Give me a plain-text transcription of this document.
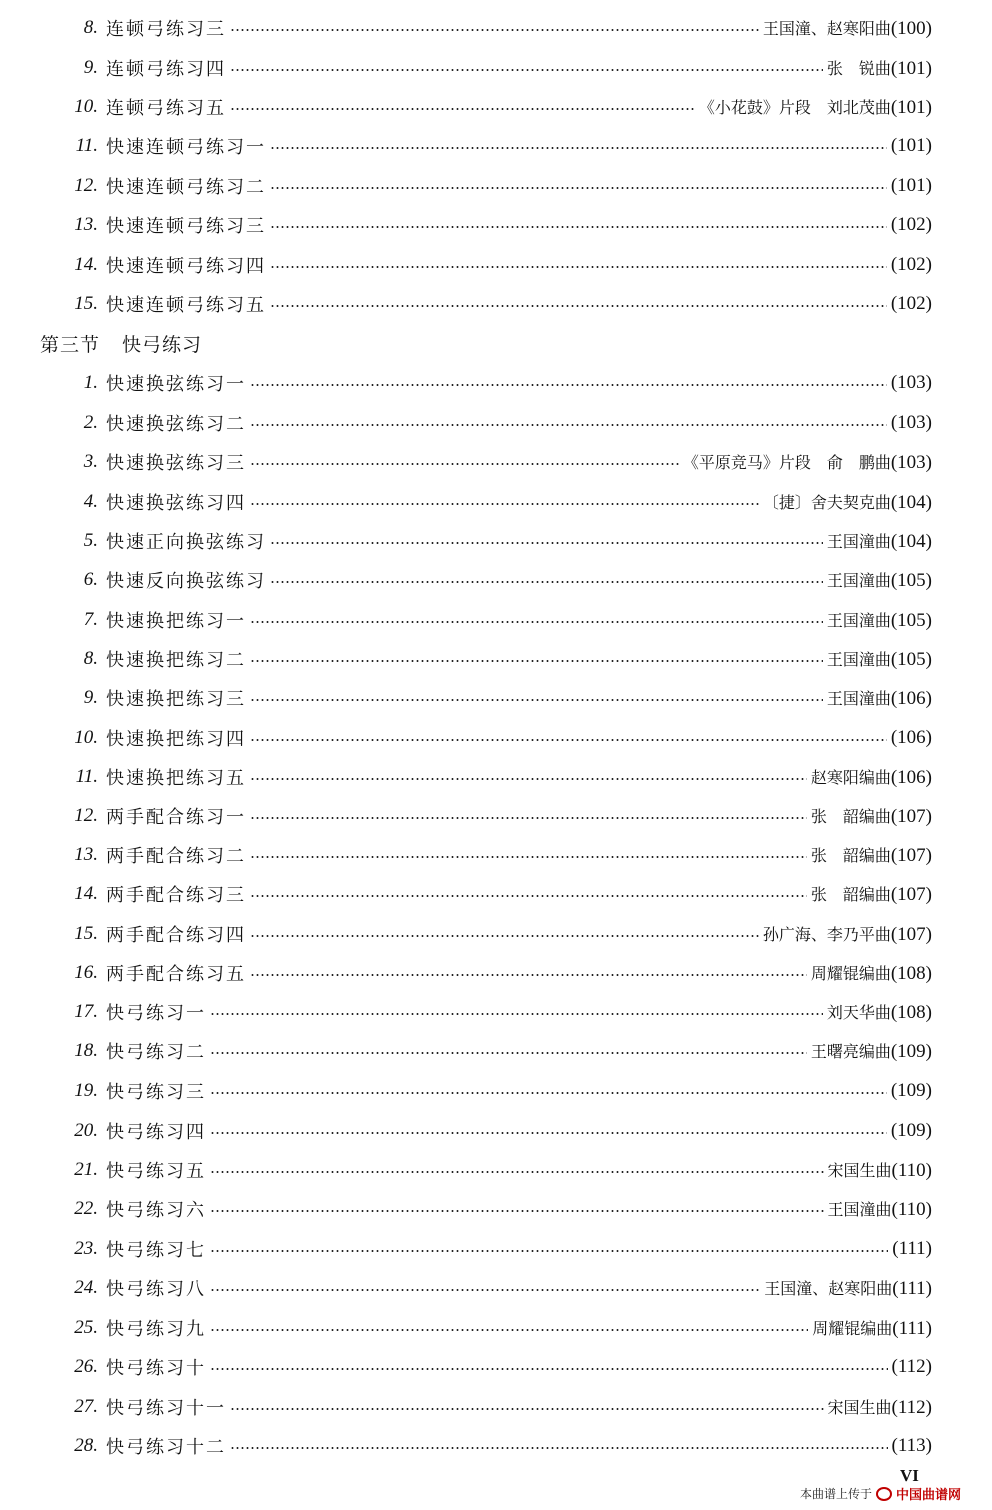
8. 连顿弓练习三	王国潼、赵寒阳曲(100)
9. 连顿弓练习四	张　锐曲(101)
10. 连顿弓练习五	《小花鼓》片段　刘北茂曲(101)
11. 快速连顿弓练习一	(101)
12. 快速连顿弓练习二	(101)
13. 快速连顿弓练习三	(102)
14. 快速连顿弓练习四	(102)
15. 快速连顿弓练习五	(102)
第三节 快弓练习
1. 快速换弦练习一	(103)
2. 快速换弦练习二	(103)
3. 快速换弦练习三	《平原竞马》片段　俞　鹏曲(103)
4. 快速换弦练习四	〔捷〕舍夫契克曲(104)
5. 快速正向换弦练习	王国潼曲(104)
6. 快速反向换弦练习	王国潼曲(105)
7. 快速换把练习一	王国潼曲(105)
8. 快速换把练习二	王国潼曲(105)
9. 快速换把练习三	王国潼曲(106)
10. 快速换把练习四	(106)
11. 快速换把练习五	赵寒阳编曲(106)
12. 两手配合练习一	张　韶编曲(107)
13. 两手配合练习二	张　韶编曲(107)
14. 两手配合练习三	张　韶编曲(107)
15. 两手配合练习四	孙广海、李乃平曲(107)
16. 两手配合练习五	周耀锟编曲(108)
17. 快弓练习一	刘天华曲(108)
18. 快弓练习二	王曙亮编曲(109)
19. 快弓练习三	(109)
20. 快弓练习四	(109)
21. 快弓练习五	宋国生曲(110)
22. 快弓练习六	王国潼曲(110)
23. 快弓练习七	(111)
24. 快弓练习八	王国潼、赵寒阳曲(111)
25. 快弓练习九	周耀锟编曲(111)
26. 快弓练习十	(112)
27. 快弓练习十一	宋国生曲(112)
28. 快弓练习十二	(113)
VI
本曲谱上传于 中国曲谱网
